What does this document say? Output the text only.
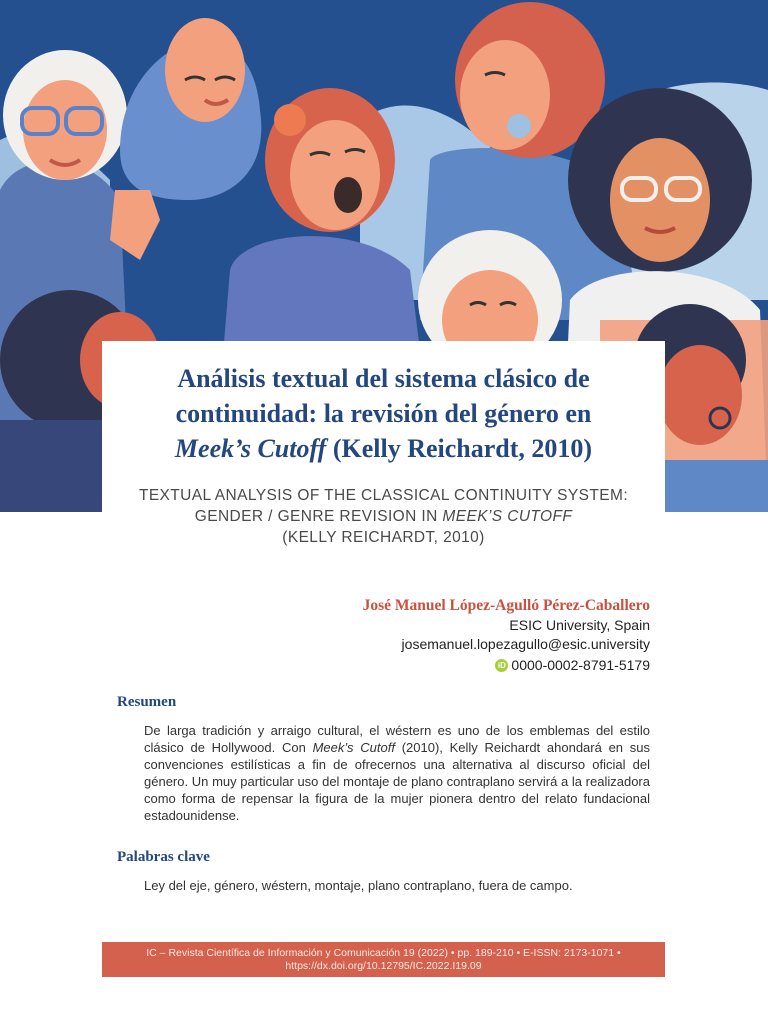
Análisis textual del sistema clásico de
continuidad: la revisión del género en
Meek’s Cutoff (Kelly Reichardt, 2010)
TEXTUAL ANALYSIS OF THE CLASSICAL CONTINUITY SYSTEM:
GENDER / GENRE REVISION IN MEEK’S CUTOFF
(KELLY REICHARDT, 2010)
José Manuel López-Agulló Pérez-Caballero
ESIC University, Spain
josemanuel.lopezagullo@esic.university
iD 0000-0002-8791-5179
Resumen
De larga tradición y arraigo cultural, el wéstern es uno de los emblemas del estilo clásico de Hollywood. Con Meek’s Cutoff (2010), Kelly Reichardt ahondará en sus convenciones estilísticas a fin de ofrecernos una alternativa al discurso oficial del género. Un muy particular uso del montaje de plano contraplano servirá a la realizadora como forma de repensar la figura de la mujer pionera dentro del relato fundacional estadounidense.
Palabras clave
Ley del eje, género, wéstern, montaje, plano contraplano, fuera de campo.
IC – Revista Científica de Información y Comunicación 19 (2022) • pp. 189-210 • E-ISSN: 2173-1071 •
https://dx.doi.org/10.12795/IC.2022.I19.09
